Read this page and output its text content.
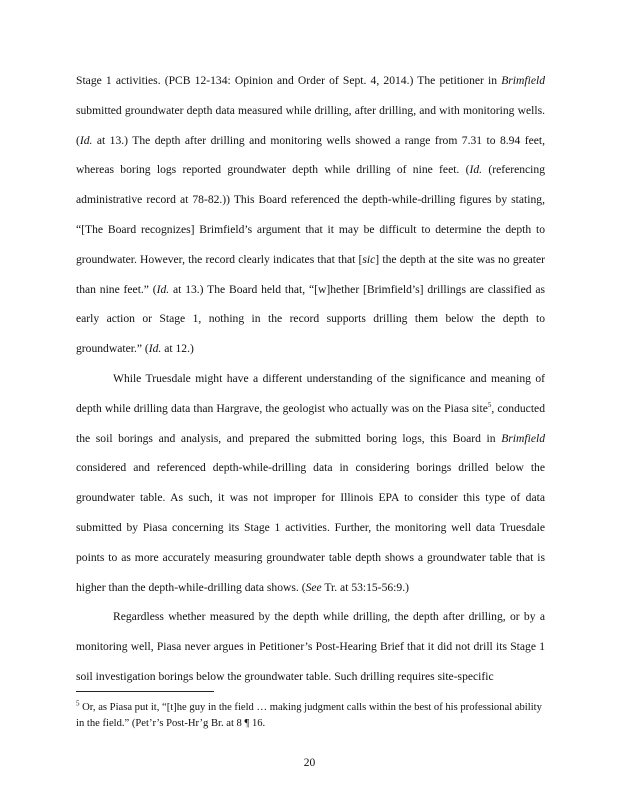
Stage 1 activities. (PCB 12-134: Opinion and Order of Sept. 4, 2014.) The petitioner in Brimfield submitted groundwater depth data measured while drilling, after drilling, and with monitoring wells. (Id. at 13.) The depth after drilling and monitoring wells showed a range from 7.31 to 8.94 feet, whereas boring logs reported groundwater depth while drilling of nine feet. (Id. (referencing administrative record at 78-82.)) This Board referenced the depth-while-drilling figures by stating, “[The Board recognizes] Brimfield’s argument that it may be difficult to determine the depth to groundwater. However, the record clearly indicates that that [sic] the depth at the site was no greater than nine feet.” (Id. at 13.) The Board held that, “[w]hether [Brimfield’s] drillings are classified as early action or Stage 1, nothing in the record supports drilling them below the depth to groundwater.” (Id. at 12.)

While Truesdale might have a different understanding of the significance and meaning of depth while drilling data than Hargrave, the geologist who actually was on the Piasa site$^5$, conducted the soil borings and analysis, and prepared the submitted boring logs, this Board in Brimfield considered and referenced depth-while-drilling data in considering borings drilled below the groundwater table. As such, it was not improper for Illinois EPA to consider this type of data submitted by Piasa concerning its Stage 1 activities. Further, the monitoring well data Truesdale points to as more accurately measuring groundwater table depth shows a groundwater table that is higher than the depth-while-drilling data shows. (See Tr. at 53:15-56:9.)

Regardless whether measured by the depth while drilling, the depth after drilling, or by a monitoring well, Piasa never argues in Petitioner’s Post-Hearing Brief that it did not drill its Stage 1 soil investigation borings below the groundwater table. Such drilling requires site-specific

$^5$ Or, as Piasa put it, “[t]he guy in the field … making judgment calls within the best of his professional ability in the field.” (Pet’r’s Post-Hr’g Br. at 8 ¶ 16.

20
